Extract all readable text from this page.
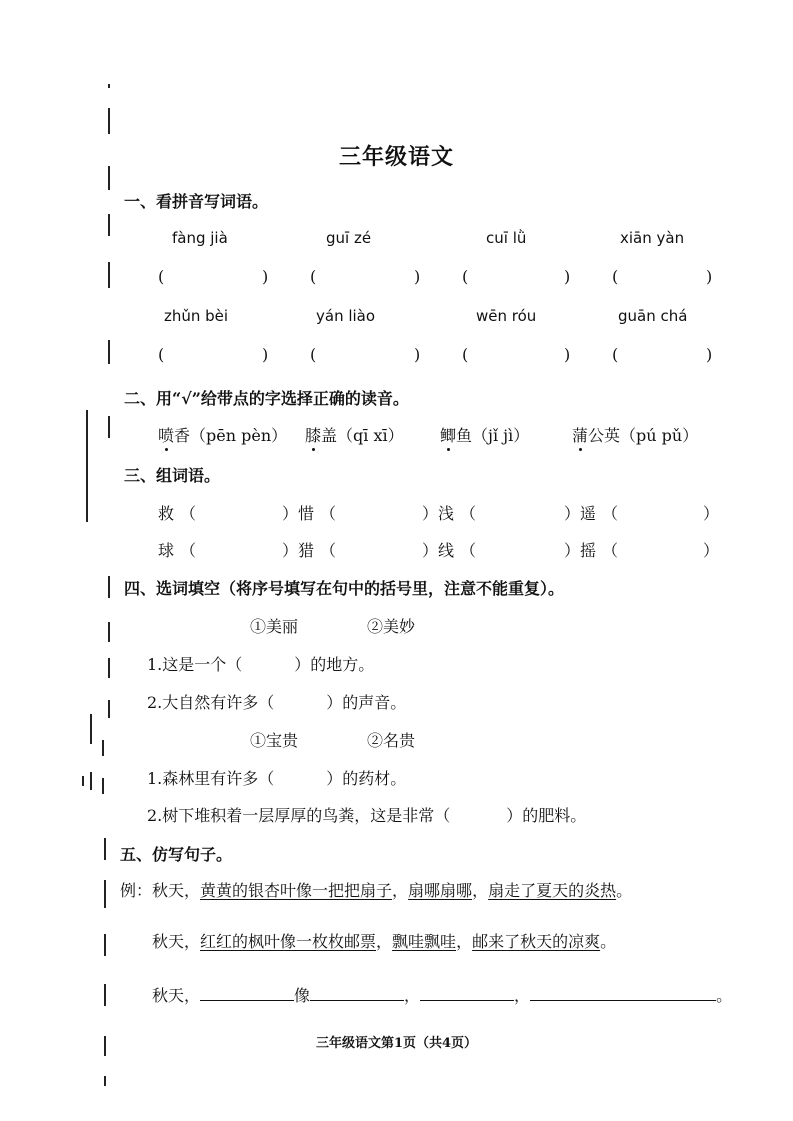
三年级语文
一、看拼音写词语。
fàng jià	guī zé	cuī lǜ	xiān yàn
(	)	(	)	(	)	(	)
zhǔn bèi	yán liào	wēn róu	guān chá
(	)	(	)	(	)	(	)
二、用“√”给带点的字选择正确的读音。
喷香（pēn pèn） 膝盖（qī xī） 鲫鱼（jǐ jì）	蒲公英（pú pǔ）
三、组词语。
救 （	） 惜 （	） 浅 （	） 遥 （	）
球 （	） 猎 （	） 线 （	） 摇 （	）
四、选词填空（将序号填写在句中的括号里，注意不能重复）。
①美丽	②美妙
1.这是一个（	）的地方。
2.大自然有许多（	）的声音。
①宝贵	②名贵
1.森林里有许多（	）的药材。
2.树下堆积着一层厚厚的鸟粪，这是非常（	）的肥料。
五、仿写句子。
例：秋天，黄黄的银杏叶像一把把扇子，扇哪扇哪，扇走了夏天的炎热。
秋天，红红的枫叶像一枚枚邮票，飘哇飘哇，邮来了秋天的凉爽。
秋天，	像	，	，	。
三年级语文第1页（共4页）
